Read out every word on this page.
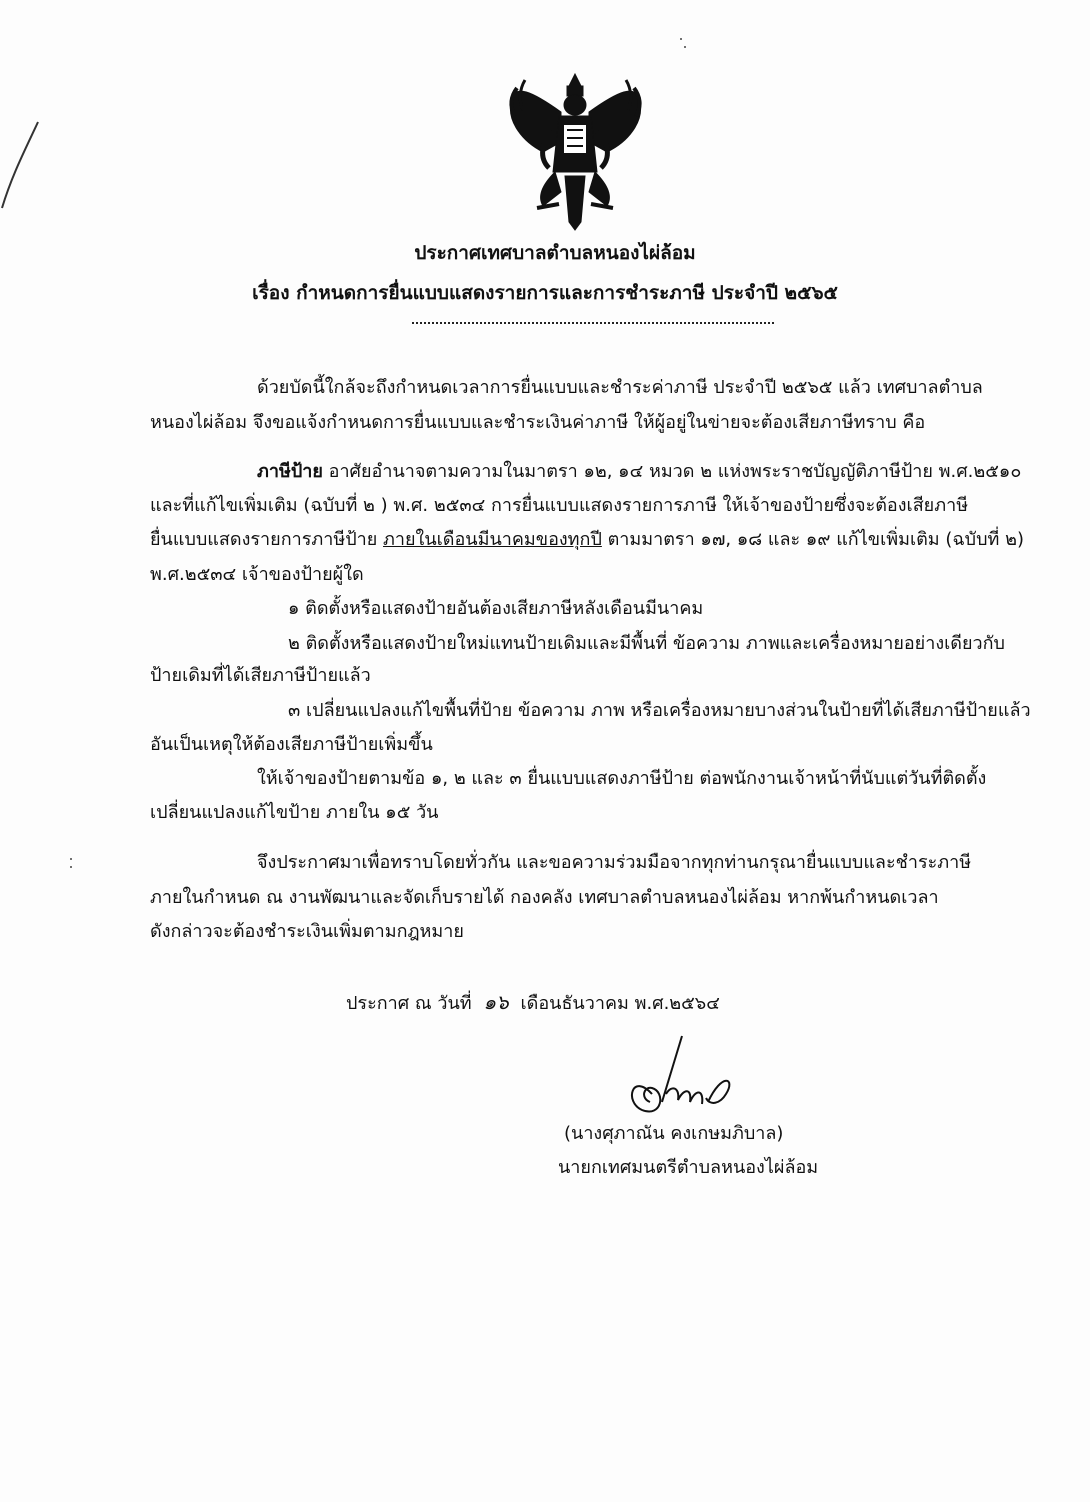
ประกาศเทศบาลตำบลหนองไผ่ล้อม
เรื่อง กำหนดการยื่นแบบแสดงรายการและการชำระภาษี ประจำปี ๒๕๖๕
ด้วยบัดนี้ใกล้จะถึงกำหนดเวลาการยื่นแบบและชำระค่าภาษี ประจำปี ๒๕๖๕ แล้ว เทศบาลตำบล
หนองไผ่ล้อม จึงขอแจ้งกำหนดการยื่นแบบและชำระเงินค่าภาษี ให้ผู้อยู่ในข่ายจะต้องเสียภาษีทราบ คือ
ภาษีป้าย อาศัยอำนาจตามความในมาตรา ๑๒, ๑๔ หมวด ๒ แห่งพระราชบัญญัติภาษีป้าย พ.ศ.๒๕๑๐
และที่แก้ไขเพิ่มเติม (ฉบับที่ ๒ ) พ.ศ. ๒๕๓๔ การยื่นแบบแสดงรายการภาษี ให้เจ้าของป้ายซึ่งจะต้องเสียภาษี
ยื่นแบบแสดงรายการภาษีป้าย ภายในเดือนมีนาคมของทุกปี ตามมาตรา ๑๗, ๑๘ และ ๑๙ แก้ไขเพิ่มเติม (ฉบับที่ ๒)
พ.ศ.๒๕๓๔ เจ้าของป้ายผู้ใด
๑ ติดตั้งหรือแสดงป้ายอันต้องเสียภาษีหลังเดือนมีนาคม
๒ ติดตั้งหรือแสดงป้ายใหม่แทนป้ายเดิมและมีพื้นที่ ข้อความ ภาพและเครื่องหมายอย่างเดียวกับ
ป้ายเดิมที่ได้เสียภาษีป้ายแล้ว
๓ เปลี่ยนแปลงแก้ไขพื้นที่ป้าย ข้อความ ภาพ หรือเครื่องหมายบางส่วนในป้ายที่ได้เสียภาษีป้ายแล้ว
อันเป็นเหตุให้ต้องเสียภาษีป้ายเพิ่มขึ้น
ให้เจ้าของป้ายตามข้อ ๑, ๒ และ ๓ ยื่นแบบแสดงภาษีป้าย ต่อพนักงานเจ้าหน้าที่นับแต่วันที่ติดตั้ง
เปลี่ยนแปลงแก้ไขป้าย ภายใน ๑๕ วัน
จึงประกาศมาเพื่อทราบโดยทั่วกัน และขอความร่วมมือจากทุกท่านกรุณายื่นแบบและชำระภาษี
ภายในกำหนด ณ งานพัฒนาและจัดเก็บรายได้ กองคลัง เทศบาลตำบลหนองไผ่ล้อม หากพ้นกำหนดเวลา
ดังกล่าวจะต้องชำระเงินเพิ่มตามกฎหมาย
ประกาศ ณ วันที่ ๑๖ เดือนธันวาคม พ.ศ.๒๕๖๔
(นางศุภาณัน คงเกษมภิบาล)
นายกเทศมนตรีตำบลหนองไผ่ล้อม
